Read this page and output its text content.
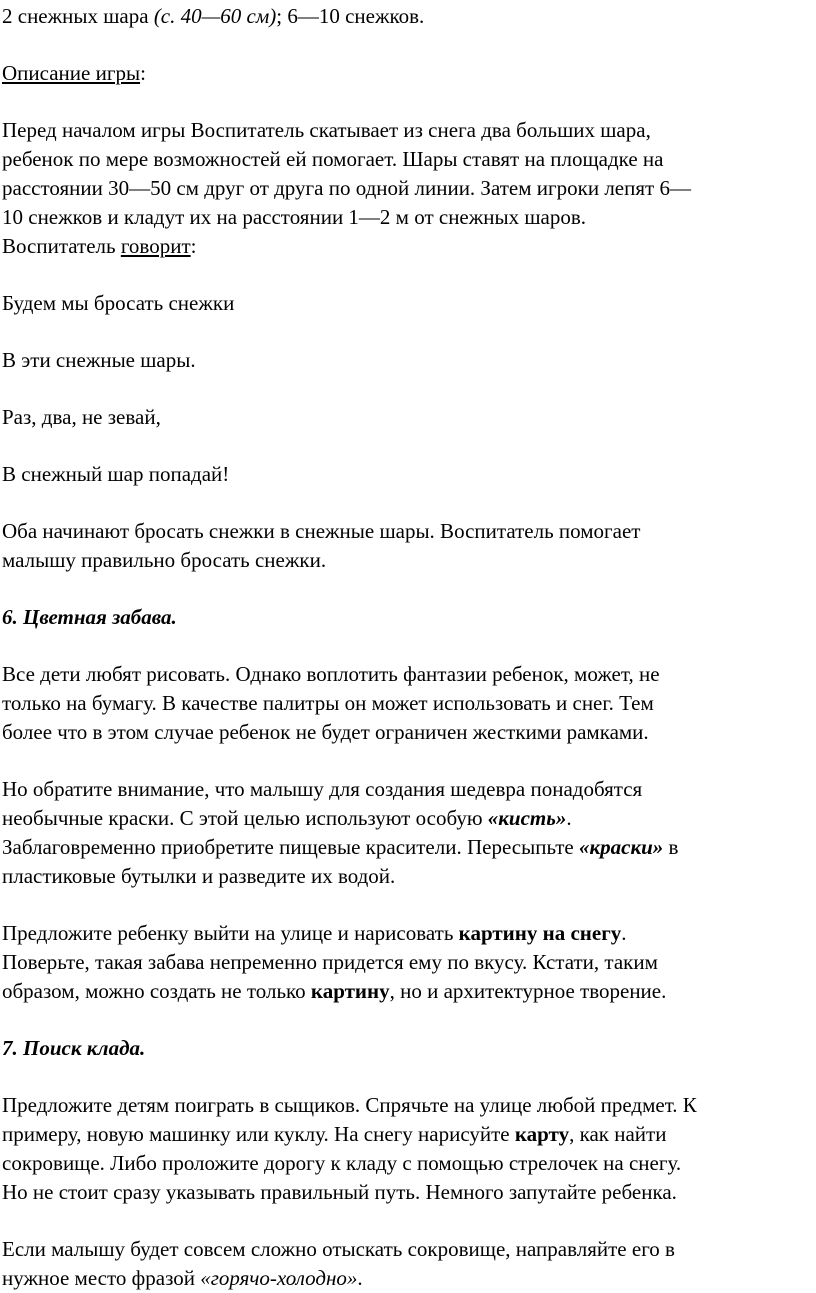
2 снежных шара (с. 40—60 см); 6—10 снежков.

Описание игры:

Перед началом игры Воспитатель скатывает из снега два больших шара,
ребенок по мере возможностей ей помогает. Шары ставят на площадке на
расстоянии 30—50 см друг от друга по одной линии. Затем игроки лепят 6—
10 снежков и кладут их на расстоянии 1—2 м от снежных шаров.
Воспитатель говорит:

Будем мы бросать снежки

В эти снежные шары.

Раз, два, не зевай,

В снежный шар попадай!

Оба начинают бросать снежки в снежные шары. Воспитатель помогает
малышу правильно бросать снежки.

6. Цветная забава.

Все дети любят рисовать. Однако воплотить фантазии ребенок, может, не
только на бумагу. В качестве палитры он может использовать и снег. Тем
более что в этом случае ребенок не будет ограничен жесткими рамками.

Но обратите внимание, что малышу для создания шедевра понадобятся
необычные краски. С этой целью используют особую «кисть».
Заблаговременно приобретите пищевые красители. Пересыпьте «краски» в
пластиковые бутылки и разведите их водой.

Предложите ребенку выйти на улице и нарисовать картину на снегу.
Поверьте, такая забава непременно придется ему по вкусу. Кстати, таким
образом, можно создать не только картину, но и архитектурное творение.

7. Поиск клада.

Предложите детям поиграть в сыщиков. Спрячьте на улице любой предмет. К
примеру, новую машинку или куклу. На снегу нарисуйте карту, как найти
сокровище. Либо проложите дорогу к кладу с помощью стрелочек на снегу.
Но не стоит сразу указывать правильный путь. Немного запутайте ребенка.

Если малышу будет совсем сложно отыскать сокровище, направляйте его в
нужное место фразой «горячо-холодно».
